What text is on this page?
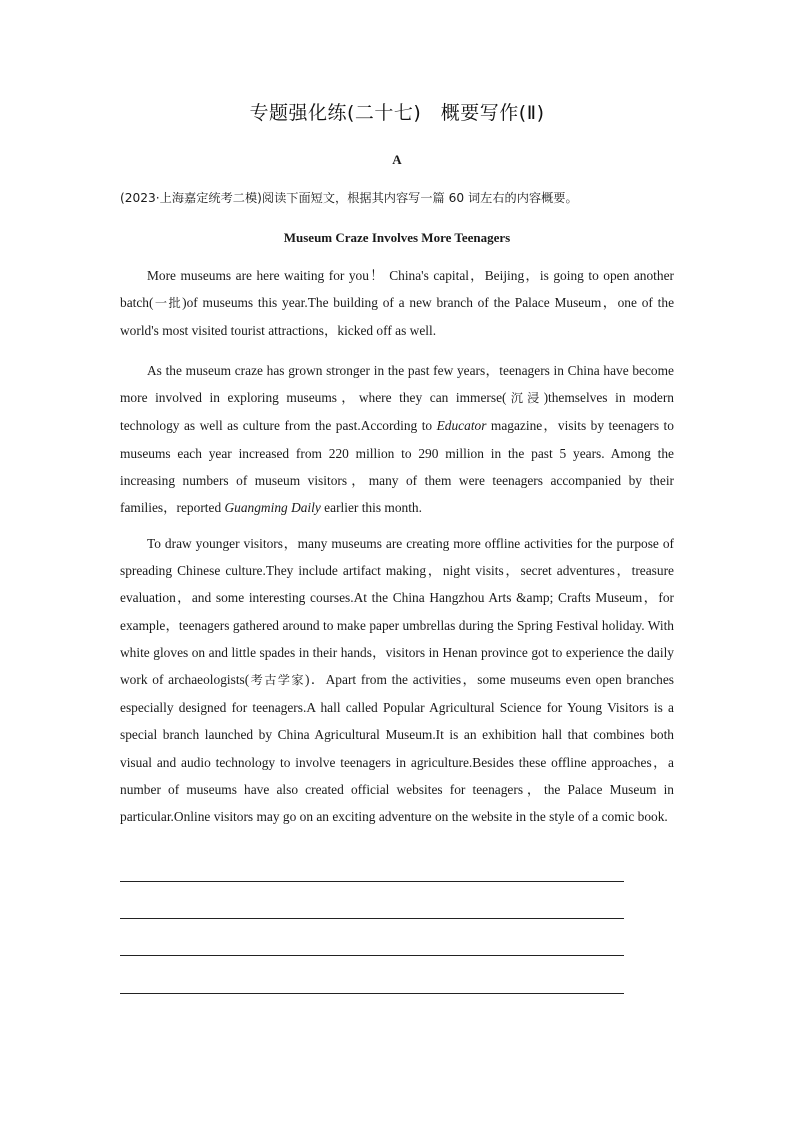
专题强化练(二十七)　概要写作(Ⅱ)
A
(2023·上海嘉定统考二模)阅读下面短文，根据其内容写一篇 60 词左右的内容概要。
Museum Craze Involves More Teenagers

More museums are here waiting for you！ China's capital，Beijing，is going to open another batch(一批)of museums this year.The building of a new branch of the Palace Museum，one of the world's most visited tourist attractions，kicked off as well.

As the museum craze has grown stronger in the past few years，teenagers in China have become more involved in exploring museums，where they can immerse(沉浸)themselves in modern technology as well as culture from the past.According to Educator magazine，visits by teenagers to museums each year increased from 220 million to 290 million in the past 5 years. Among the increasing numbers of museum visitors，many of them were teenagers accompanied by their families，reported Guangming Daily earlier this month.

To draw younger visitors，many museums are creating more offline activities for the purpose of spreading Chinese culture.They include artifact making，night visits，secret adventures，treasure evaluation，and some interesting courses.At the China Hangzhou Arts &amp; Crafts Museum，for example，teenagers gathered around to make paper umbrellas during the Spring Festival holiday. With white gloves on and little spades in their hands，visitors in Henan province got to experience the daily work of archaeologists(考古学家)．Apart from the activities，some museums even open branches especially designed for teenagers.A hall called Popular Agricultural Science for Young Visitors is a special branch launched by China Agricultural Museum.It is an exhibition hall that combines both visual and audio technology to involve teenagers in agriculture.Besides these offline approaches，a number of museums have also created official websites for teenagers，the Palace Museum in particular.Online visitors may go on an exciting adventure on the website in the style of a comic book.
